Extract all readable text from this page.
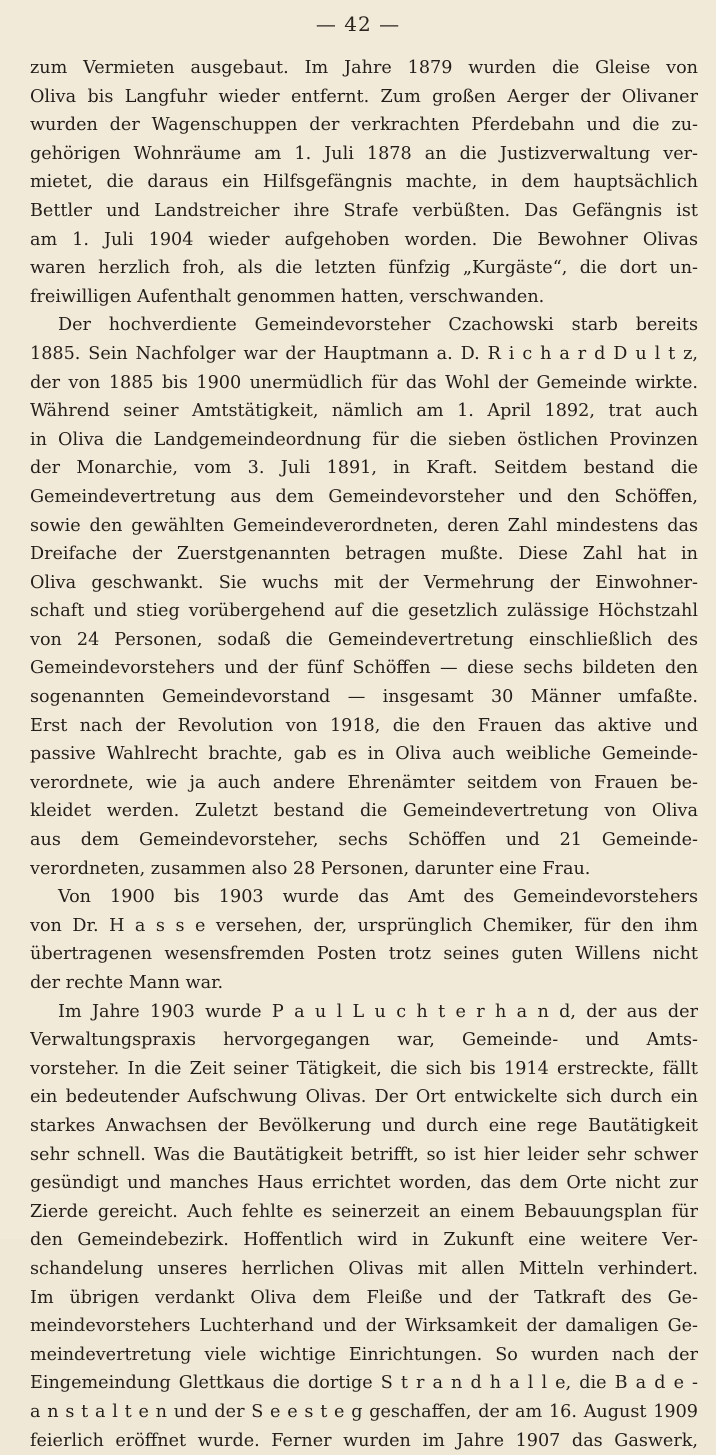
— 42 —
zum Vermieten ausgebaut. Im Jahre 1879 wurden die Gleise von
Oliva bis Langfuhr wieder entfernt. Zum großen Aerger der Olivaner
wurden der Wagenschuppen der verkrachten Pferdebahn und die zu-
gehörigen Wohnräume am 1. Juli 1878 an die Justizverwaltung ver-
mietet, die daraus ein Hilfsgefängnis machte, in dem hauptsächlich
Bettler und Landstreicher ihre Strafe verbüßten. Das Gefängnis ist
am 1. Juli 1904 wieder aufgehoben worden. Die Bewohner Olivas
waren herzlich froh, als die letzten fünfzig „Kurgäste“, die dort un-
freiwilligen Aufenthalt genommen hatten, verschwanden.
Der hochverdiente Gemeindevorsteher Czachowski starb bereits
1885. Sein Nachfolger war der Hauptmann a. D. R i c h a r d D u l t z,
der von 1885 bis 1900 unermüdlich für das Wohl der Gemeinde wirkte.
Während seiner Amtstätigkeit, nämlich am 1. April 1892, trat auch
in Oliva die Landgemeindeordnung für die sieben östlichen Provinzen
der Monarchie, vom 3. Juli 1891, in Kraft. Seitdem bestand die
Gemeindevertretung aus dem Gemeindevorsteher und den Schöffen,
sowie den gewählten Gemeindeverordneten, deren Zahl mindestens das
Dreifache der Zuerstgenannten betragen mußte. Diese Zahl hat in
Oliva geschwankt. Sie wuchs mit der Vermehrung der Einwohner-
schaft und stieg vorübergehend auf die gesetzlich zulässige Höchstzahl
von 24 Personen, sodaß die Gemeindevertretung einschließlich des
Gemeindevorstehers und der fünf Schöffen — diese sechs bildeten den
sogenannten Gemeindevorstand — insgesamt 30 Männer umfaßte.
Erst nach der Revolution von 1918, die den Frauen das aktive und
passive Wahlrecht brachte, gab es in Oliva auch weibliche Gemeinde-
verordnete, wie ja auch andere Ehrenämter seitdem von Frauen be-
kleidet werden. Zuletzt bestand die Gemeindevertretung von Oliva
aus dem Gemeindevorsteher, sechs Schöffen und 21 Gemeinde-
verordneten, zusammen also 28 Personen, darunter eine Frau.
Von 1900 bis 1903 wurde das Amt des Gemeindevorstehers
von Dr. H a s s e versehen, der, ursprünglich Chemiker, für den ihm
übertragenen wesensfremden Posten trotz seines guten Willens nicht
der rechte Mann war.
Im Jahre 1903 wurde P a u l L u c h t e r h a n d, der aus der
Verwaltungspraxis hervorgegangen war, Gemeinde- und Amts-
vorsteher. In die Zeit seiner Tätigkeit, die sich bis 1914 erstreckte, fällt
ein bedeutender Aufschwung Olivas. Der Ort entwickelte sich durch ein
starkes Anwachsen der Bevölkerung und durch eine rege Bautätigkeit
sehr schnell. Was die Bautätigkeit betrifft, so ist hier leider sehr schwer
gesündigt und manches Haus errichtet worden, das dem Orte nicht zur
Zierde gereicht. Auch fehlte es seinerzeit an einem Bebauungsplan für
den Gemeindebezirk. Hoffentlich wird in Zukunft eine weitere Ver-
schandelung unseres herrlichen Olivas mit allen Mitteln verhindert.
Im übrigen verdankt Oliva dem Fleiße und der Tatkraft des Ge-
meindevorstehers Luchterhand und der Wirksamkeit der damaligen Ge-
meindevertretung viele wichtige Einrichtungen. So wurden nach der
Eingemeindung Glettkaus die dortige S t r a n d h a l l e, die B a d e -
a n s t a l t e n und der S e e s t e g geschaffen, der am 16. August 1909
feierlich eröffnet wurde. Ferner wurden im Jahre 1907 das Gaswerk,
